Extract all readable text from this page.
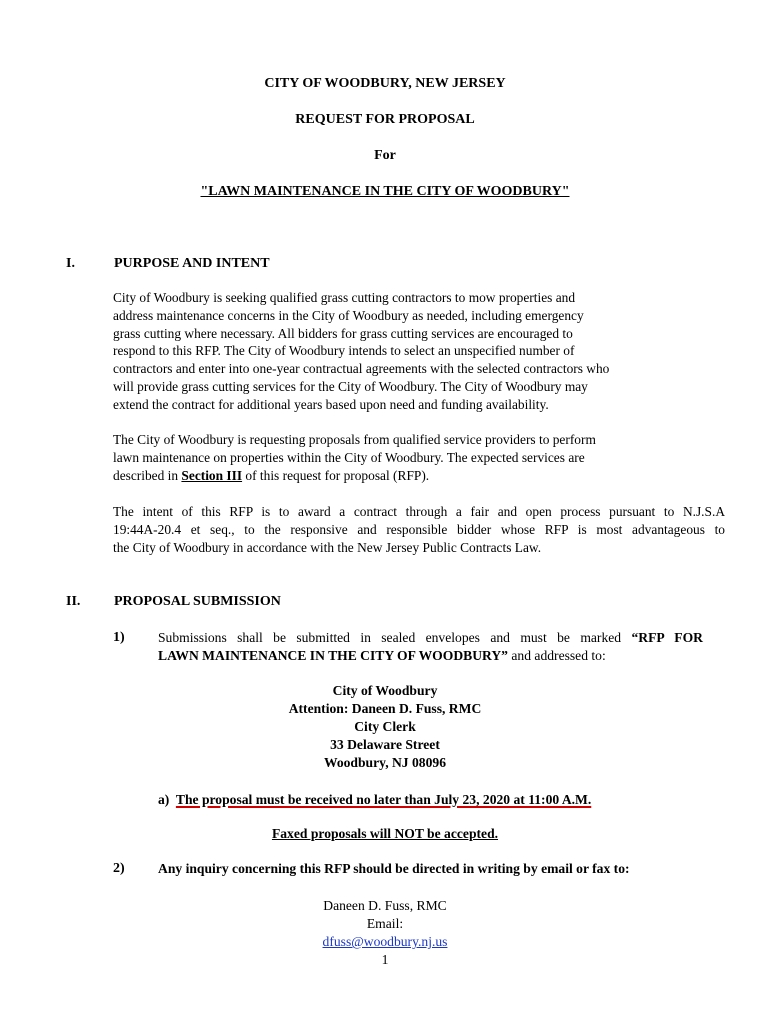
CITY OF WOODBURY, NEW JERSEY

REQUEST FOR PROPOSAL

For

"LAWN MAINTENANCE IN THE CITY OF WOODBURY"

I.	PURPOSE AND INTENT
City of Woodbury is seeking qualified grass cutting contractors to mow properties and
address maintenance concerns in the City of Woodbury as needed, including emergency
grass cutting where necessary. All bidders for grass cutting services are encouraged to
respond to this RFP. The City of Woodbury intends to select an unspecified number of
contractors and enter into one-year contractual agreements with the selected contractors who
will provide grass cutting services for the City of Woodbury. The City of Woodbury may
extend the contract for additional years based upon need and funding availability.
The City of Woodbury is requesting proposals from qualified service providers to perform
lawn maintenance on properties within the City of Woodbury. The expected services are
described in Section III of this request for proposal (RFP).
The intent of this RFP is to award a contract through a fair and open process pursuant to N.J.S.A
19:44A-20.4 et seq., to the responsive and responsible bidder whose RFP is most advantageous to
the City of Woodbury in accordance with the New Jersey Public Contracts Law.
II. PROPOSAL SUBMISSION
1) Submissions shall be submitted in sealed envelopes and must be marked “RFP FOR
LAWN MAINTENANCE IN THE CITY OF WOODBURY” and addressed to:
City of Woodbury
Attention: Daneen D. Fuss, RMC
City Clerk
33 Delaware Street
Woodbury, NJ 08096
a) The proposal must be received no later than July 23, 2020 at 11:00 A.M.
Faxed proposals will NOT be accepted.
2) Any inquiry concerning this RFP should be directed in writing by email or fax to:
Daneen D. Fuss, RMC
Email:
dfuss@woodbury.nj.us
1
